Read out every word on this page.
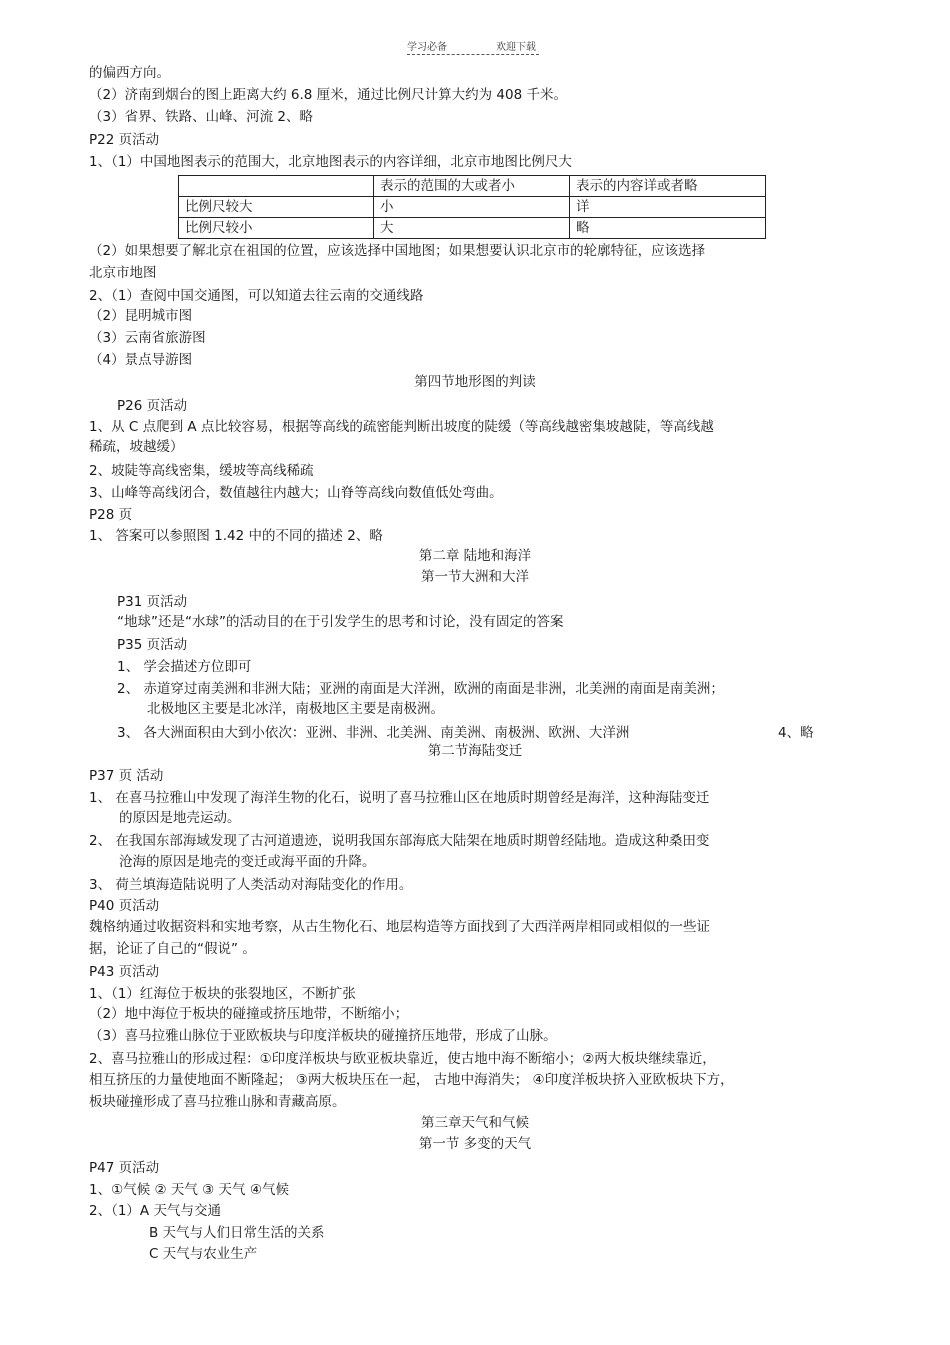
学习必备	欢迎下载
的偏西方向。
（2）济南到烟台的图上距离大约 6.8 厘米，通过比例尺计算大约为 408 千米。
（3）省界、铁路、山峰、河流 2、略
P22 页活动
1、（1）中国地图表示的范围大，北京地图表示的内容详细，北京市地图比例尺大
	表示的范围的大或者小	表示的内容详或者略
比例尺较大	小	详
比例尺较小	大	略
（2）如果想要了解北京在祖国的位置，应该选择中国地图；如果想要认识北京市的轮廓特征，应该选择
北京市地图
2、（1）查阅中国交通图，可以知道去往云南的交通线路
（2）昆明城市图
（3）云南省旅游图
（4）景点导游图
第四节地形图的判读
P26 页活动
1、从 C 点爬到 A 点比较容易，根据等高线的疏密能判断出坡度的陡缓（等高线越密集坡越陡，等高线越
稀疏，坡越缓）
2、坡陡等高线密集，缓坡等高线稀疏
3、山峰等高线闭合，数值越往内越大；山脊等高线向数值低处弯曲。
P28 页
1、 答案可以参照图 1.42 中的不同的描述 2、略
第二章 陆地和海洋
第一节大洲和大洋
P31 页活动
“地球”还是“水球”的活动目的在于引发学生的思考和讨论，没有固定的答案
P35 页活动
1、 学会描述方位即可
2、 赤道穿过南美洲和非洲大陆；亚洲的南面是大洋洲，欧洲的南面是非洲，北美洲的南面是南美洲；
北极地区主要是北冰洋，南极地区主要是南极洲。
3、 各大洲面积由大到小依次：亚洲、非洲、北美洲、南美洲、南极洲、欧洲、大洋洲	4、略
第二节海陆变迁
P37 页 活动
1、 在喜马拉雅山中发现了海洋生物的化石，说明了喜马拉雅山区在地质时期曾经是海洋，这种海陆变迁
的原因是地壳运动。
2、 在我国东部海域发现了古河道遗迹，说明我国东部海底大陆架在地质时期曾经陆地。造成这种桑田变
沧海的原因是地壳的变迁或海平面的升降。
3、 荷兰填海造陆说明了人类活动对海陆变化的作用。
P40 页活动
魏格纳通过收据资料和实地考察，从古生物化石、地层构造等方面找到了大西洋两岸相同或相似的一些证
据，论证了自己的“假说” 。
P43 页活动
1、（1）红海位于板块的张裂地区，不断扩张
（2）地中海位于板块的碰撞或挤压地带，不断缩小；
（3）喜马拉雅山脉位于亚欧板块与印度洋板块的碰撞挤压地带，形成了山脉。
2、喜马拉雅山的形成过程：①印度洋板块与欧亚板块靠近，使古地中海不断缩小；②两大板块继续靠近，
相互挤压的力量使地面不断隆起； ③两大板块压在一起， 古地中海消失； ④印度洋板块挤入亚欧板块下方，
板块碰撞形成了喜马拉雅山脉和青藏高原。
第三章天气和气候
第一节 多变的天气
P47 页活动
1、①气候 ② 天气 ③ 天气 ④气候
2、（1）A 天气与交通
B 天气与人们日常生活的关系
C 天气与农业生产
